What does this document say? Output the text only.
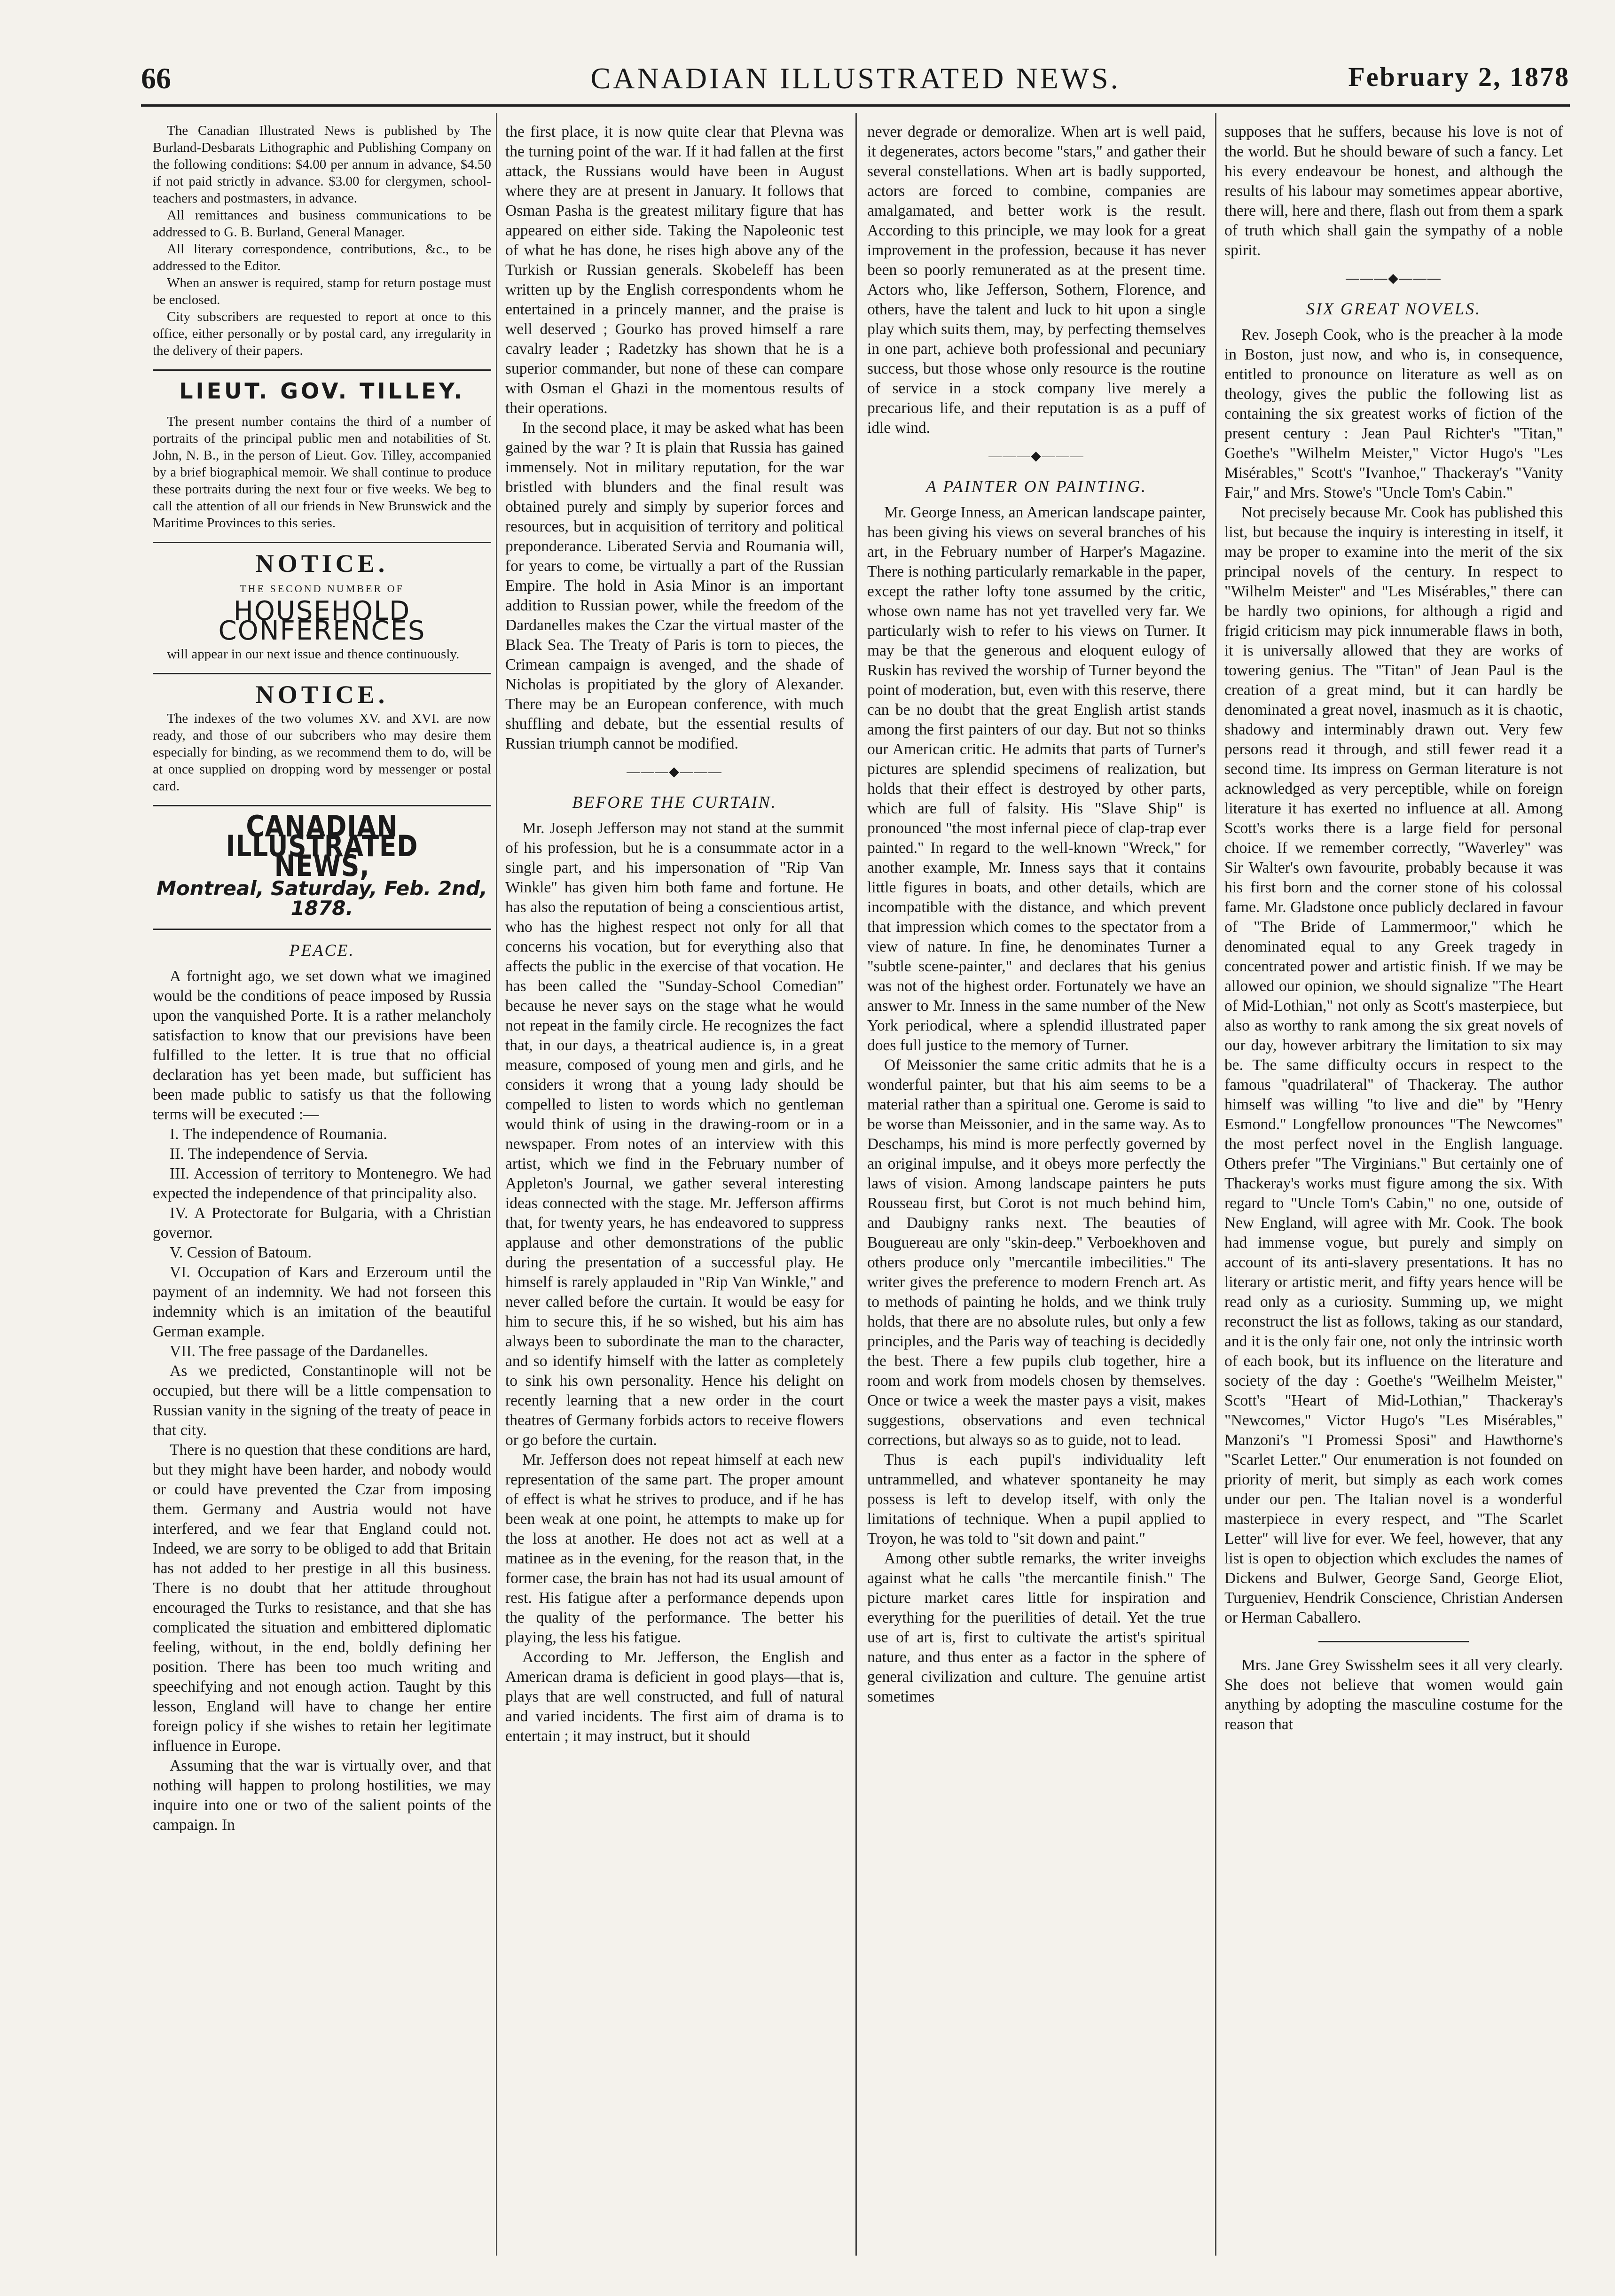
66	CANADIAN ILLUSTRATED NEWS.	February 2, 1878

The Canadian Illustrated News is published by The Burland-Desbarats Lithographic and Publishing Company on the following conditions: $4.00 per annum in advance, $4.50 if not paid strictly in advance. $3.00 for clergymen, school-teachers and postmasters, in advance.

All remittances and business communications to be addressed to G. B. Burland, General Manager.

All literary correspondence, contributions, &c., to be addressed to the Editor.

When an answer is required, stamp for return postage must be enclosed.

City subscribers are requested to report at once to this office, either personally or by postal card, any irregularity in the delivery of their papers.

LIEUT. GOV. TILLEY.

The present number contains the third of a number of portraits of the principal public men and notabilities of St. John, N. B., in the person of Lieut. Gov. Tilley, accompanied by a brief biographical memoir. We shall continue to produce these portraits during the next four or five weeks. We beg to call the attention of all our friends in New Brunswick and the Maritime Provinces to this series.

NOTICE.
THE SECOND NUMBER OF
HOUSEHOLD CONFERENCES

will appear in our next issue and thence continuously.

NOTICE.

The indexes of the two volumes XV. and XVI. are now ready, and those of our subcribers who may desire them especially for binding, as we recommend them to do, will be at once supplied on dropping word by messenger or postal card.

CANADIAN ILLUSTRATED NEWS,
Montreal, Saturday, Feb. 2nd, 1878.
PEACE.

A fortnight ago, we set down what we imagined would be the conditions of peace imposed by Russia upon the vanquished Porte. It is a rather melancholy satisfaction to know that our previsions have been fulfilled to the letter. It is true that no official declaration has yet been made, but sufficient has been made public to satisfy us that the following terms will be executed :—

I. The independence of Roumania.

II. The independence of Servia.

III. Accession of territory to Montenegro. We had expected the independence of that principality also.

IV. A Protectorate for Bulgaria, with a Christian governor.

V. Cession of Batoum.

VI. Occupation of Kars and Erzeroum until the payment of an indemnity. We had not forseen this indemnity which is an imitation of the beautiful German example.

VII. The free passage of the Dardanelles.

As we predicted, Constantinople will not be occupied, but there will be a little compensation to Russian vanity in the signing of the treaty of peace in that city.

There is no question that these conditions are hard, but they might have been harder, and nobody would or could have prevented the Czar from imposing them. Germany and Austria would not have interfered, and we fear that England could not. Indeed, we are sorry to be obliged to add that Britain has not added to her prestige in all this business. There is no doubt that her attitude throughout encouraged the Turks to resistance, and that she has complicated the situation and embittered diplomatic feeling, without, in the end, boldly defining her position. There has been too much writing and speechifying and not enough action. Taught by this lesson, England will have to change her entire foreign policy if she wishes to retain her legitimate influence in Europe.

Assuming that the war is virtually over, and that nothing will happen to prolong hostilities, we may inquire into one or two of the salient points of the campaign. In

the first place, it is now quite clear that Plevna was the turning point of the war. If it had fallen at the first attack, the Russians would have been in August where they are at present in January. It follows that Osman Pasha is the greatest military figure that has appeared on either side. Taking the Napoleonic test of what he has done, he rises high above any of the Turkish or Russian generals. Skobeleff has been written up by the English correspondents whom he entertained in a princely manner, and the praise is well deserved ; Gourko has proved himself a rare cavalry leader ; Radetzky has shown that he is a superior commander, but none of these can compare with Osman el Ghazi in the momentous results of their operations.

In the second place, it may be asked what has been gained by the war ? It is plain that Russia has gained immensely. Not in military reputation, for the war bristled with blunders and the final result was obtained purely and simply by superior forces and resources, but in acquisition of territory and political preponderance. Liberated Servia and Roumania will, for years to come, be virtually a part of the Russian Empire. The hold in Asia Minor is an important addition to Russian power, while the freedom of the Dardanelles makes the Czar the virtual master of the Black Sea. The Treaty of Paris is torn to pieces, the Crimean campaign is avenged, and the shade of Nicholas is propitiated by the glory of Alexander. There may be an European conference, with much shuffling and debate, but the essential results of Russian triumph cannot be modified.

———◆———
BEFORE THE CURTAIN.

Mr. Joseph Jefferson may not stand at the summit of his profession, but he is a consummate actor in a single part, and his impersonation of "Rip Van Winkle" has given him both fame and fortune. He has also the reputation of being a conscientious artist, who has the highest respect not only for all that concerns his vocation, but for everything also that affects the public in the exercise of that vocation. He has been called the "Sunday-School Comedian" because he never says on the stage what he would not repeat in the family circle. He recognizes the fact that, in our days, a theatrical audience is, in a great measure, composed of young men and girls, and he considers it wrong that a young lady should be compelled to listen to words which no gentleman would think of using in the drawing-room or in a newspaper. From notes of an interview with this artist, which we find in the February number of Appleton's Journal, we gather several interesting ideas connected with the stage. Mr. Jefferson affirms that, for twenty years, he has endeavored to suppress applause and other demonstrations of the public during the presentation of a successful play. He himself is rarely applauded in "Rip Van Winkle," and never called before the curtain. It would be easy for him to secure this, if he so wished, but his aim has always been to subordinate the man to the character, and so identify himself with the latter as completely to sink his own personality. Hence his delight on recently learning that a new order in the court theatres of Germany forbids actors to receive flowers or go before the curtain.

Mr. Jefferson does not repeat himself at each new representation of the same part. The proper amount of effect is what he strives to produce, and if he has been weak at one point, he attempts to make up for the loss at another. He does not act as well at a matinee as in the evening, for the reason that, in the former case, the brain has not had its usual amount of rest. His fatigue after a performance depends upon the quality of the performance. The better his playing, the less his fatigue.

According to Mr. Jefferson, the English and American drama is deficient in good plays—that is, plays that are well constructed, and full of natural and varied incidents. The first aim of drama is to entertain ; it may instruct, but it should

never degrade or demoralize. When art is well paid, it degenerates, actors become "stars," and gather their several constellations. When art is badly supported, actors are forced to combine, companies are amalgamated, and better work is the result. According to this principle, we may look for a great improvement in the profession, because it has never been so poorly remunerated as at the present time. Actors who, like Jefferson, Sothern, Florence, and others, have the talent and luck to hit upon a single play which suits them, may, by perfecting themselves in one part, achieve both professional and pecuniary success, but those whose only resource is the routine of service in a stock company live merely a precarious life, and their reputation is as a puff of idle wind.

———◆———
A PAINTER ON PAINTING.

Mr. George Inness, an American landscape painter, has been giving his views on several branches of his art, in the February number of Harper's Magazine. There is nothing particularly remarkable in the paper, except the rather lofty tone assumed by the critic, whose own name has not yet travelled very far. We particularly wish to refer to his views on Turner. It may be that the generous and eloquent eulogy of Ruskin has revived the worship of Turner beyond the point of moderation, but, even with this reserve, there can be no doubt that the great English artist stands among the first painters of our day. But not so thinks our American critic. He admits that parts of Turner's pictures are splendid specimens of realization, but holds that their effect is destroyed by other parts, which are full of falsity. His "Slave Ship" is pronounced "the most infernal piece of clap-trap ever painted." In regard to the well-known "Wreck," for another example, Mr. Inness says that it contains little figures in boats, and other details, which are incompatible with the distance, and which prevent that impression which comes to the spectator from a view of nature. In fine, he denominates Turner a "subtle scene-painter," and declares that his genius was not of the highest order. Fortunately we have an answer to Mr. Inness in the same number of the New York periodical, where a splendid illustrated paper does full justice to the memory of Turner.

Of Meissonier the same critic admits that he is a wonderful painter, but that his aim seems to be a material rather than a spiritual one. Gerome is said to be worse than Meissonier, and in the same way. As to Deschamps, his mind is more perfectly governed by an original impulse, and it obeys more perfectly the laws of vision. Among landscape painters he puts Rousseau first, but Corot is not much behind him, and Daubigny ranks next. The beauties of Bouguereau are only "skin-deep." Verboekhoven and others produce only "mercantile imbecilities." The writer gives the preference to modern French art. As to methods of painting he holds, and we think truly holds, that there are no absolute rules, but only a few principles, and the Paris way of teaching is decidedly the best. There a few pupils club together, hire a room and work from models chosen by themselves. Once or twice a week the master pays a visit, makes suggestions, observations and even technical corrections, but always so as to guide, not to lead.

Thus is each pupil's individuality left untrammelled, and whatever spontaneity he may possess is left to develop itself, with only the limitations of technique. When a pupil applied to Troyon, he was told to "sit down and paint."

Among other subtle remarks, the writer inveighs against what he calls "the mercantile finish." The picture market cares little for inspiration and everything for the puerilities of detail. Yet the true use of art is, first to cultivate the artist's spiritual nature, and thus enter as a factor in the sphere of general civilization and culture. The genuine artist sometimes

supposes that he suffers, because his love is not of the world. But he should beware of such a fancy. Let his every endeavour be honest, and although the results of his labour may sometimes appear abortive, there will, here and there, flash out from them a spark of truth which shall gain the sympathy of a noble spirit.

———◆———
SIX GREAT NOVELS.

Rev. Joseph Cook, who is the preacher à la mode in Boston, just now, and who is, in consequence, entitled to pronounce on literature as well as on theology, gives the public the following list as containing the six greatest works of fiction of the present century : Jean Paul Richter's "Titan," Goethe's "Wilhelm Meister," Victor Hugo's "Les Misérables," Scott's "Ivanhoe," Thackeray's "Vanity Fair," and Mrs. Stowe's "Uncle Tom's Cabin."

Not precisely because Mr. Cook has published this list, but because the inquiry is interesting in itself, it may be proper to examine into the merit of the six principal novels of the century. In respect to "Wilhelm Meister" and "Les Misérables," there can be hardly two opinions, for although a rigid and frigid criticism may pick innumerable flaws in both, it is universally allowed that they are works of towering genius. The "Titan" of Jean Paul is the creation of a great mind, but it can hardly be denominated a great novel, inasmuch as it is chaotic, shadowy and interminably drawn out. Very few persons read it through, and still fewer read it a second time. Its impress on German literature is not acknowledged as very perceptible, while on foreign literature it has exerted no influence at all. Among Scott's works there is a large field for personal choice. If we remember correctly, "Waverley" was Sir Walter's own favourite, probably because it was his first born and the corner stone of his colossal fame. Mr. Gladstone once publicly declared in favour of "The Bride of Lammermoor," which he denominated equal to any Greek tragedy in concentrated power and artistic finish. If we may be allowed our opinion, we should signalize "The Heart of Mid-Lothian," not only as Scott's masterpiece, but also as worthy to rank among the six great novels of our day, however arbitrary the limitation to six may be. The same difficulty occurs in respect to the famous "quadrilateral" of Thackeray. The author himself was willing "to live and die" by "Henry Esmond." Longfellow pronounces "The Newcomes" the most perfect novel in the English language. Others prefer "The Virginians." But certainly one of Thackeray's works must figure among the six. With regard to "Uncle Tom's Cabin," no one, outside of New England, will agree with Mr. Cook. The book had immense vogue, but purely and simply on account of its anti-slavery presentations. It has no literary or artistic merit, and fifty years hence will be read only as a curiosity. Summing up, we might reconstruct the list as follows, taking as our standard, and it is the only fair one, not only the intrinsic worth of each book, but its influence on the literature and society of the day : Goethe's "Weilhelm Meister," Scott's "Heart of Mid-Lothian," Thackeray's "Newcomes," Victor Hugo's "Les Misérables," Manzoni's "I Promessi Sposi" and Hawthorne's "Scarlet Letter." Our enumeration is not founded on priority of merit, but simply as each work comes under our pen. The Italian novel is a wonderful masterpiece in every respect, and "The Scarlet Letter" will live for ever. We feel, however, that any list is open to objection which excludes the names of Dickens and Bulwer, George Sand, George Eliot, Turgueniev, Hendrik Conscience, Christian Andersen or Herman Caballero.

Mrs. Jane Grey Swisshelm sees it all very clearly. She does not believe that women would gain anything by adopting the masculine costume for the reason that
